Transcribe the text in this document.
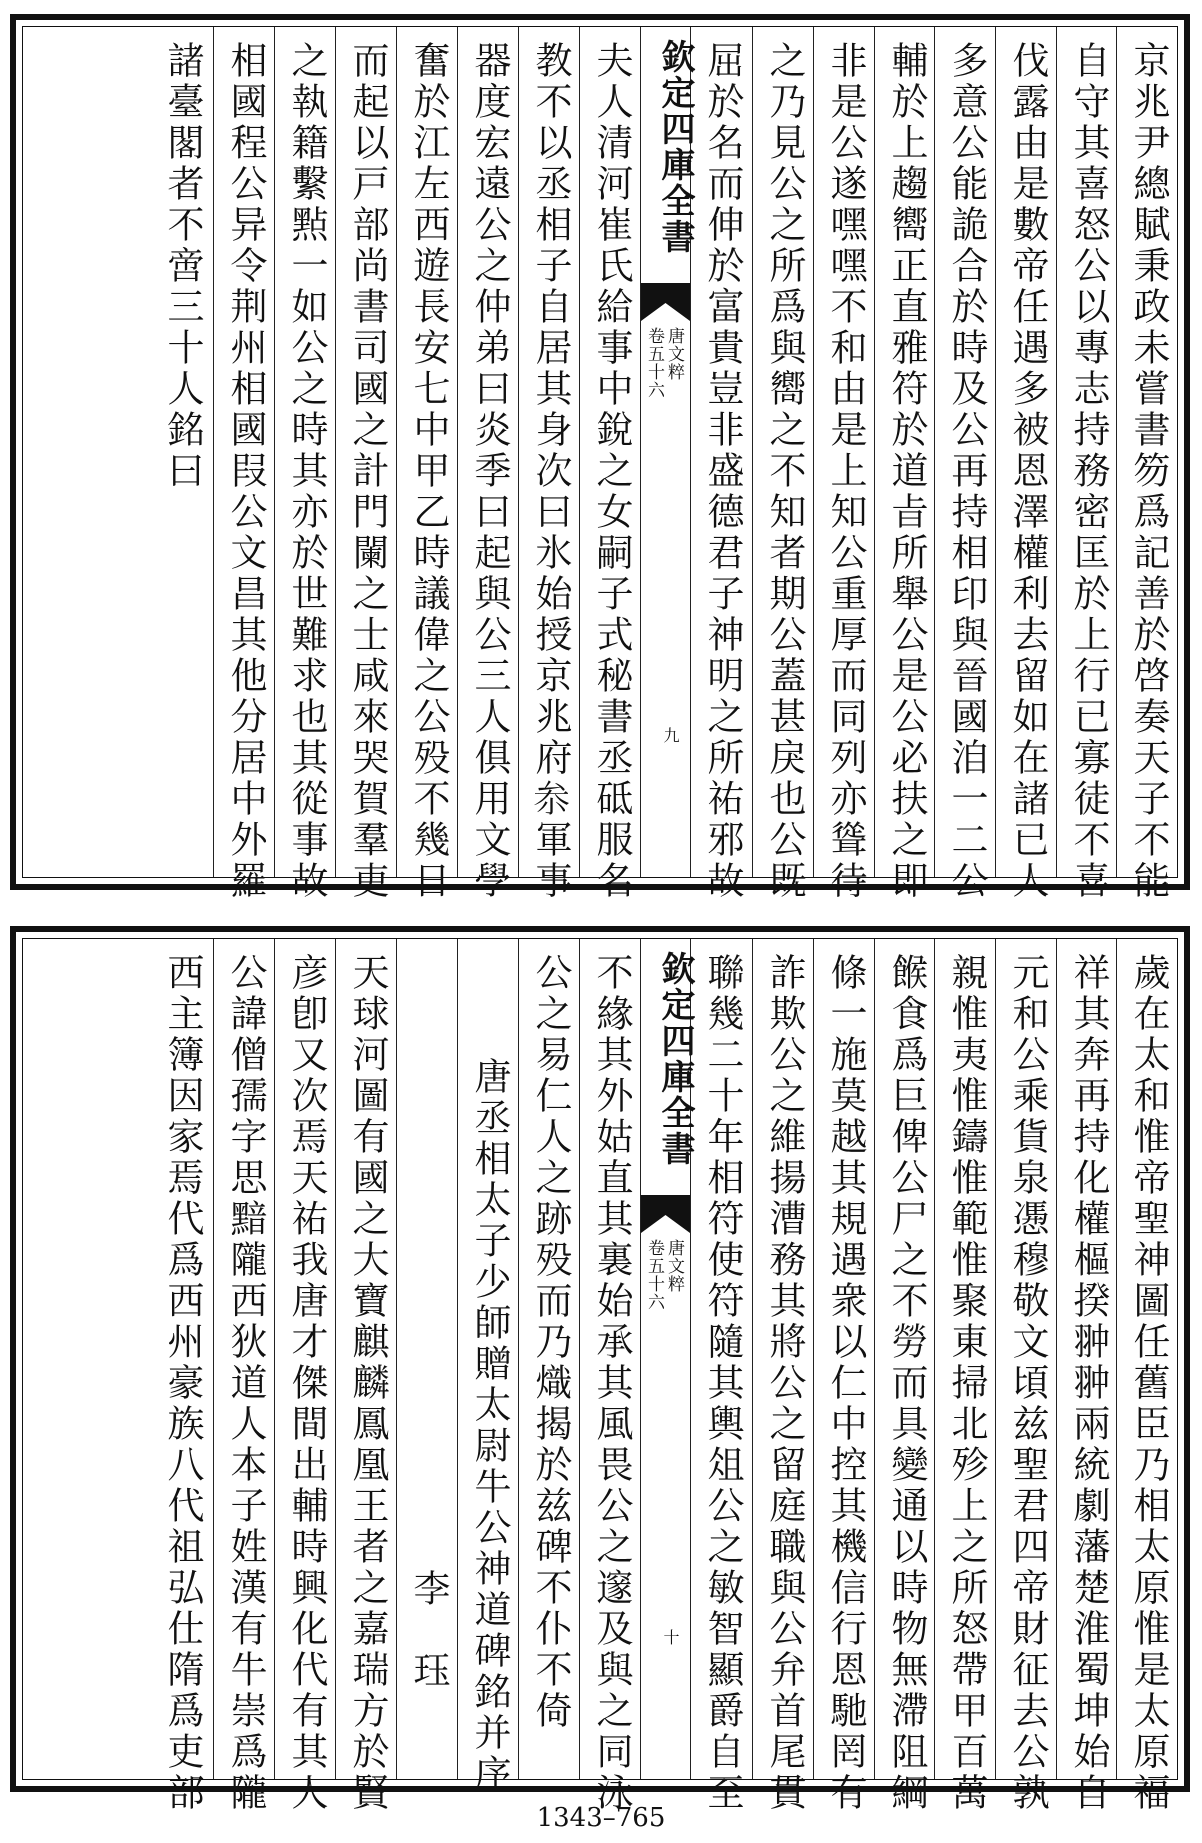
京兆尹總賦秉政未嘗書笏爲記善於啓奏天子不能
自守其喜怒公以專志持務密匡於上行已寡徒不喜
伐露由是數帝任遇多被恩澤權利去留如在諸已人
多意公能詭合於時及公再持相印與晉國洎一二公
輔於上趨嚮正直雅符於道㫖所舉公是公必扶之即
非是公遂嘿嘿不和由是上知公重厚而同列亦聳待
之乃見公之所爲與嚮之不知者期公蓋甚戾也公既
屈於名而伸於富貴豈非盛德君子神明之所祐邪故
欽定四庫全書
唐文粹
卷五十六
九
夫人清河崔氏給事中銳之女嗣子式秘書丞砥服名
教不以丞相子自居其身次曰氷始授京兆府𠫭軍事
器度宏遠公之仲弟曰炎季曰起與公三人俱用文學
奮於江左西遊長安七中甲乙時議偉之公殁不幾日
而起以戸部尚書司國之計門闌之士咸來哭賀羣吏
之執籍繫㸃一如公之時其亦於世難求也其從事故
相國程公异令荆州相國叚公文昌其他分居中外羅
諸臺閣者不啻三十人銘曰
歲在太和惟帝聖神圖任舊臣乃相太原惟是太原福
祥其奔再持化權樞揆翀翀兩統劇藩楚淮蜀坤始自
元和公乘貨泉慿穆敬文頃兹聖君四帝財征去公孰
親惟夷惟鑄惟範惟聚東掃北殄上之所怒帶甲百萬
餱食爲巨俾公尸之不勞而具變通以時物無滯阻綱
條一施莫越其規遇衆以仁中控其機信行恩馳罔有
詐欺公之維揚漕務其將公之留庭職與公弁首尾貫
聯幾二十年相符使符隨其輿俎公之敏智顯爵自至
欽定四庫全書
唐文粹
卷五十六
十
不緣其外姑直其裏始承其風畏公之邃及與之同泳
公之易仁人之跡殁而乃熾揭於兹碑不仆不倚
唐丞相太子少師贈太尉牛公神道碑銘并序
李　珏
天球河圖有國之大寶麒麟鳳凰王者之嘉瑞方於賢
彦卽又次焉天祐我唐才傑間出輔時興化代有其人
公諱僧孺字思黯隴西狄道人本子姓漢有牛崇爲隴
西主簿因家焉代爲西州豪族八代祖弘仕隋爲吏部
1343–765
